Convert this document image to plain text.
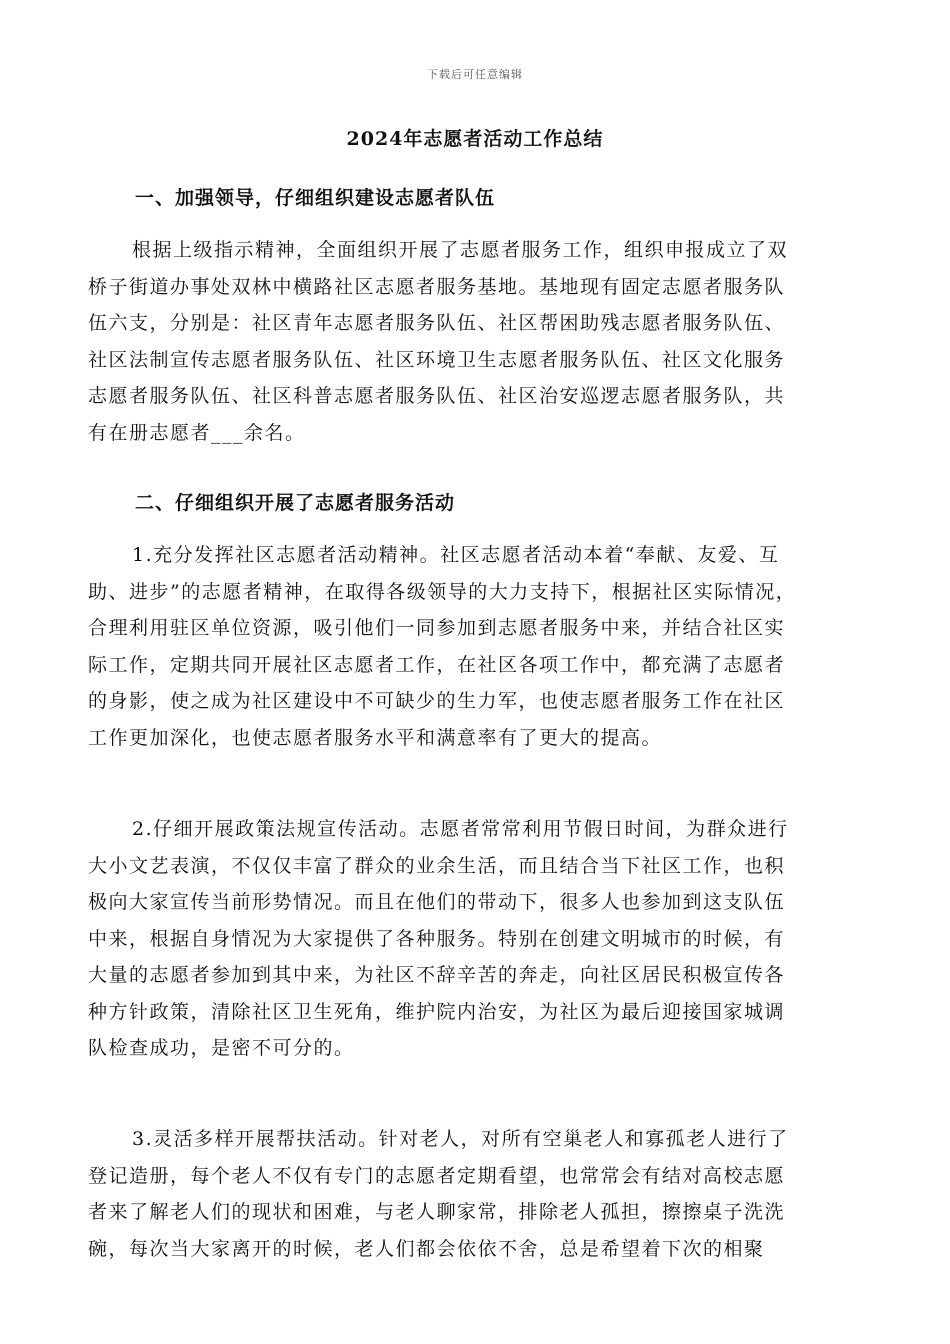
下载后可任意编辑
2024年志愿者活动工作总结
一、加强领导，仔细组织建设志愿者队伍
根据上级指示精神，全面组织开展了志愿者服务工作，组织申报成立了双
桥子街道办事处双林中横路社区志愿者服务基地。基地现有固定志愿者服务队
伍六支，分别是：社区青年志愿者服务队伍、社区帮困助残志愿者服务队伍、
社区法制宣传志愿者服务队伍、社区环境卫生志愿者服务队伍、社区文化服务
志愿者服务队伍、社区科普志愿者服务队伍、社区治安巡逻志愿者服务队，共
有在册志愿者___余名。
二、仔细组织开展了志愿者服务活动
1.充分发挥社区志愿者活动精神。社区志愿者活动本着“奉献、友爱、互
助、进步”的志愿者精神，在取得各级领导的大力支持下，根据社区实际情况，
合理利用驻区单位资源，吸引他们一同参加到志愿者服务中来，并结合社区实
际工作，定期共同开展社区志愿者工作，在社区各项工作中，都充满了志愿者
的身影，使之成为社区建设中不可缺少的生力军，也使志愿者服务工作在社区
工作更加深化，也使志愿者服务水平和满意率有了更大的提高。
2.仔细开展政策法规宣传活动。志愿者常常利用节假日时间，为群众进行
大小文艺表演，不仅仅丰富了群众的业余生活，而且结合当下社区工作，也积
极向大家宣传当前形势情况。而且在他们的带动下，很多人也参加到这支队伍
中来，根据自身情况为大家提供了各种服务。特别在创建文明城市的时候，有
大量的志愿者参加到其中来，为社区不辞辛苦的奔走，向社区居民积极宣传各
种方针政策，清除社区卫生死角，维护院内治安，为社区为最后迎接国家城调
队检查成功，是密不可分的。
3.灵活多样开展帮扶活动。针对老人，对所有空巢老人和寡孤老人进行了
登记造册，每个老人不仅有专门的志愿者定期看望，也常常会有结对高校志愿
者来了解老人们的现状和困难，与老人聊家常，排除老人孤担，擦擦桌子洗洗
碗，每次当大家离开的时候，老人们都会依依不舍，总是希望着下次的相聚
